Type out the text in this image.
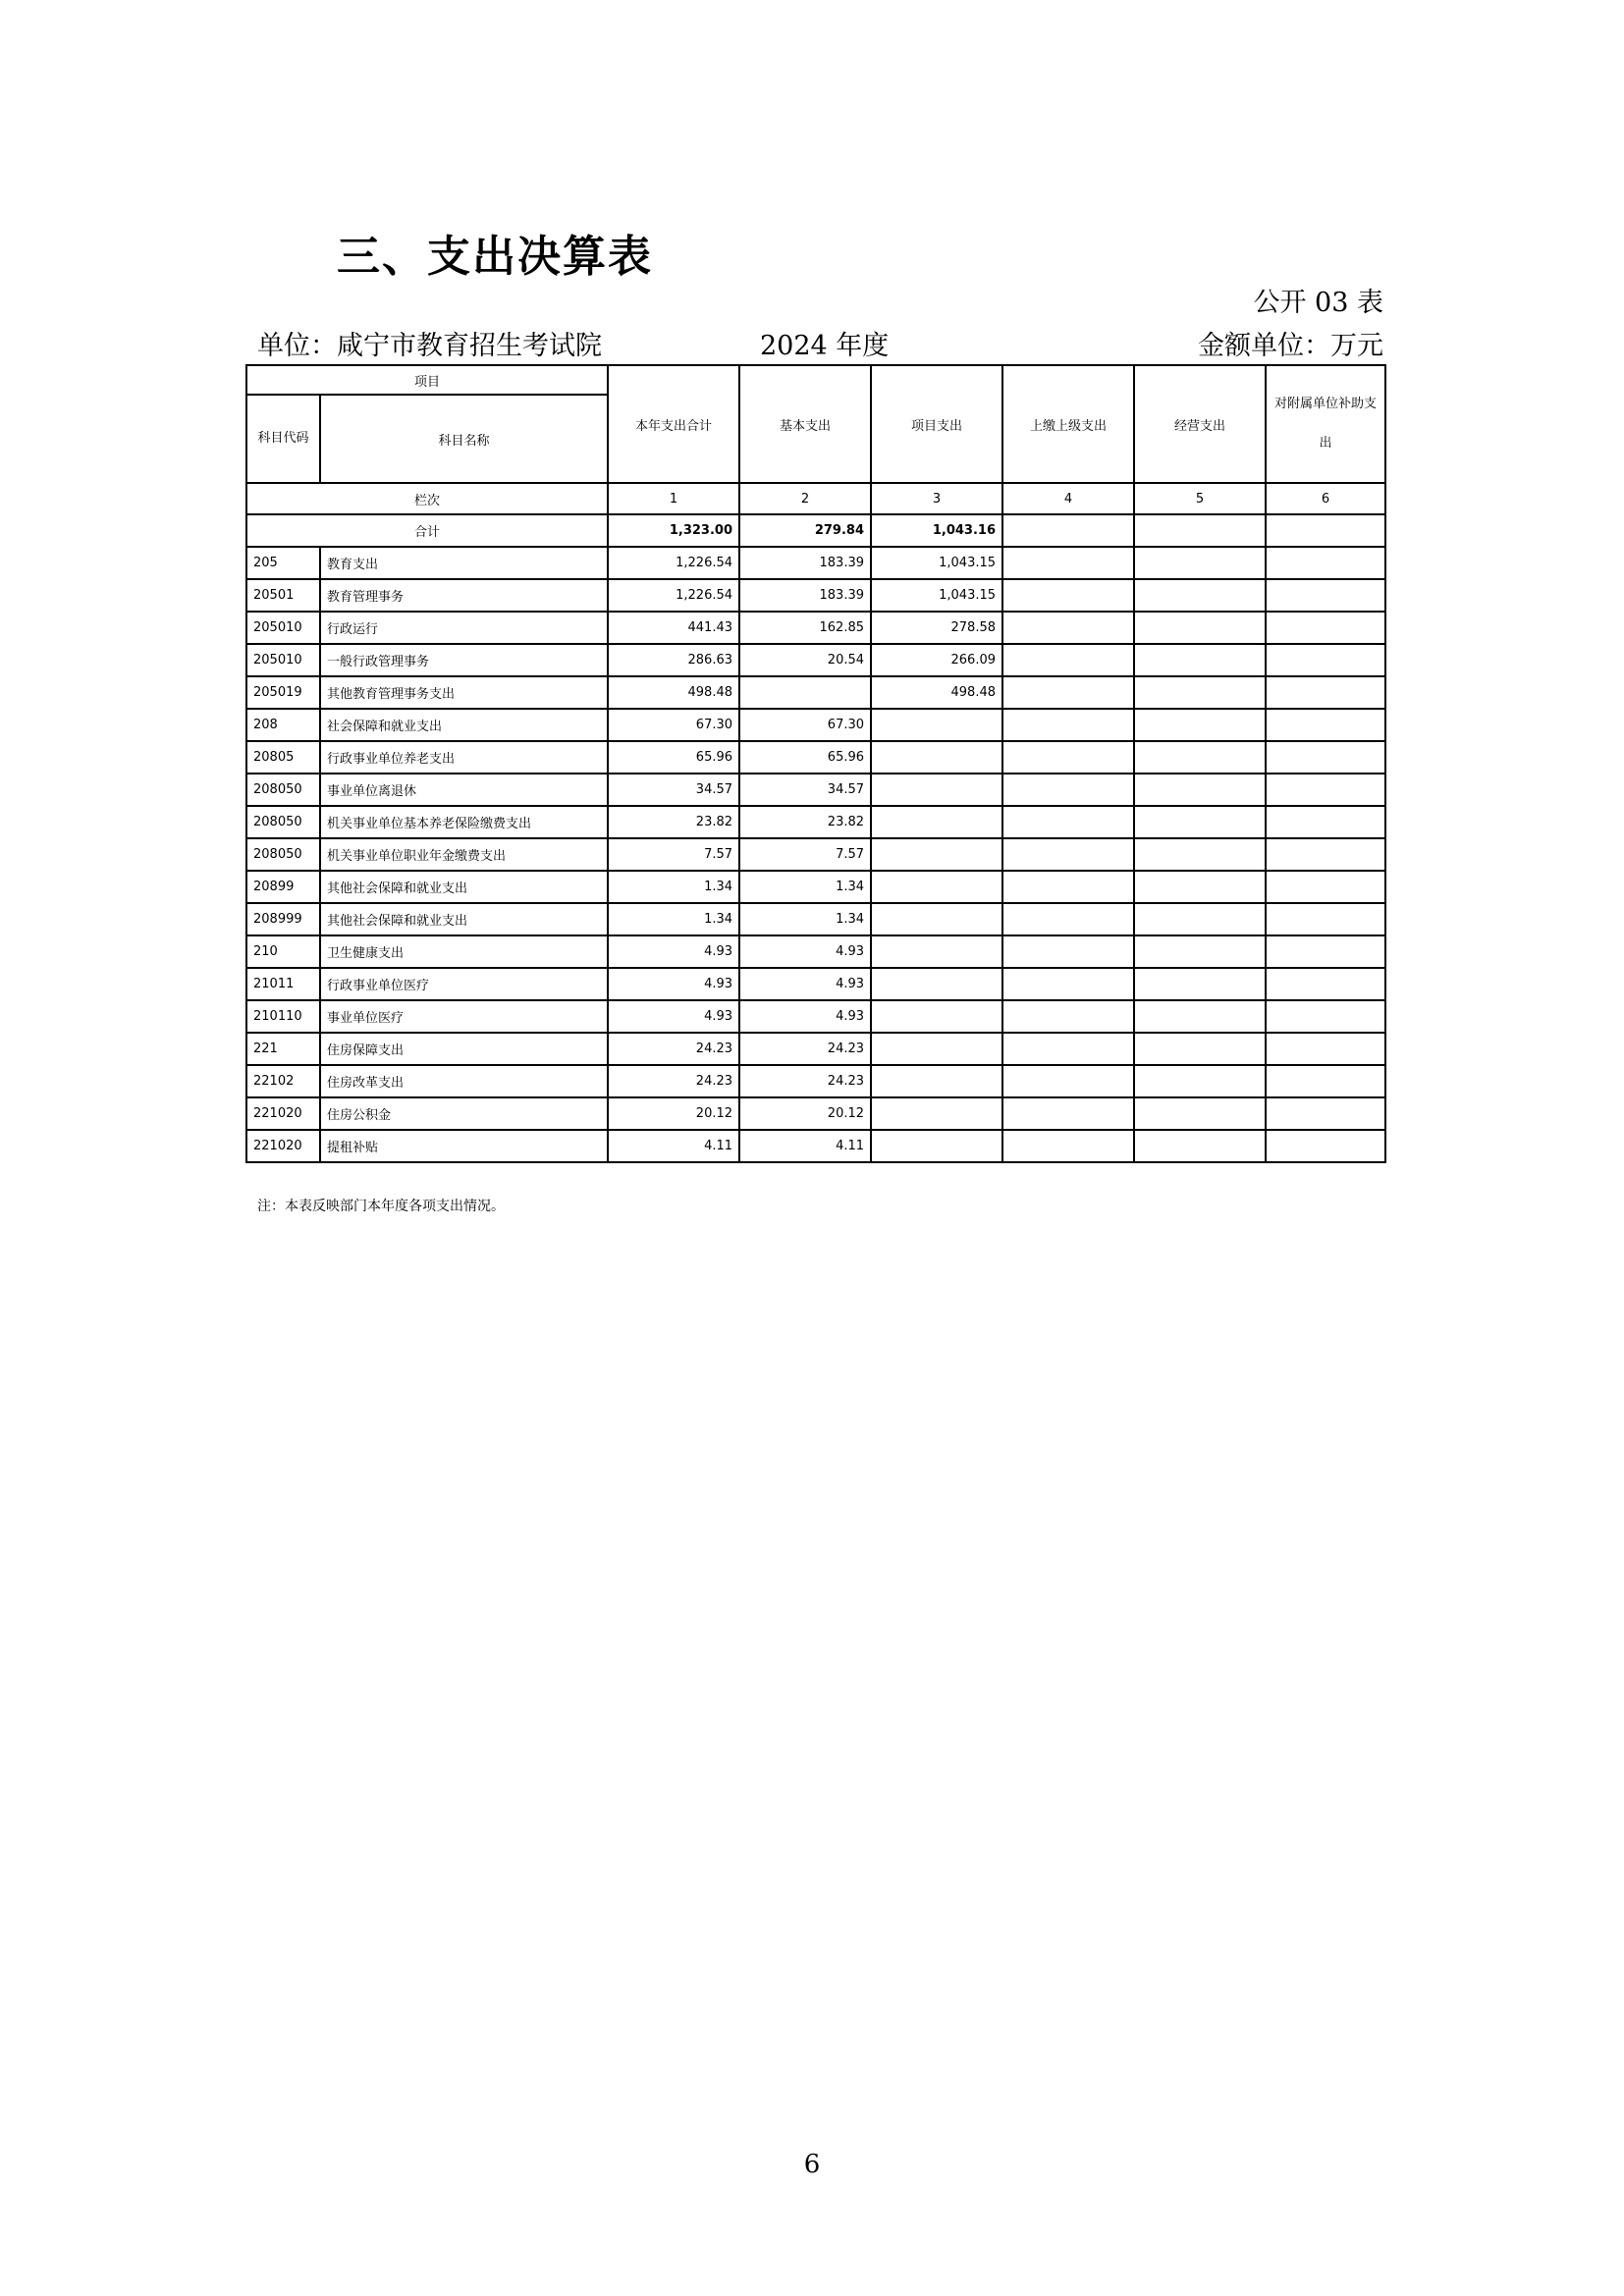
三、支出决算表
公开 03 表
单位：咸宁市教育招生考试院	2024 年度	金额单位：万元
项目		本年支出合计	基本支出	项目支出	上缴上级支出	经营支出	对附属单位补助支出
科目代码	科目名称						
栏次		1	2	3	4	5	6
合计		1,323.00	279.84	1,043.16			
205	教育支出	1,226.54	183.39	1,043.15			
20501	教育管理事务	1,226.54	183.39	1,043.15			
205010	行政运行	441.43	162.85	278.58			
205010	一般行政管理事务	286.63	20.54	266.09			
205019	其他教育管理事务支出	498.48		498.48			
208	社会保障和就业支出	67.30	67.30				
20805	行政事业单位养老支出	65.96	65.96				
208050	事业单位离退休	34.57	34.57				
208050	机关事业单位基本养老保险缴费支出	23.82	23.82				
208050	机关事业单位职业年金缴费支出	7.57	7.57				
20899	其他社会保障和就业支出	1.34	1.34				
208999	其他社会保障和就业支出	1.34	1.34				
210	卫生健康支出	4.93	4.93				
21011	行政事业单位医疗	4.93	4.93				
210110	事业单位医疗	4.93	4.93				
221	住房保障支出	24.23	24.23				
22102	住房改革支出	24.23	24.23				
221020	住房公积金	20.12	20.12				
221020	提租补贴	4.11	4.11				
注：本表反映部门本年度各项支出情况。
6
